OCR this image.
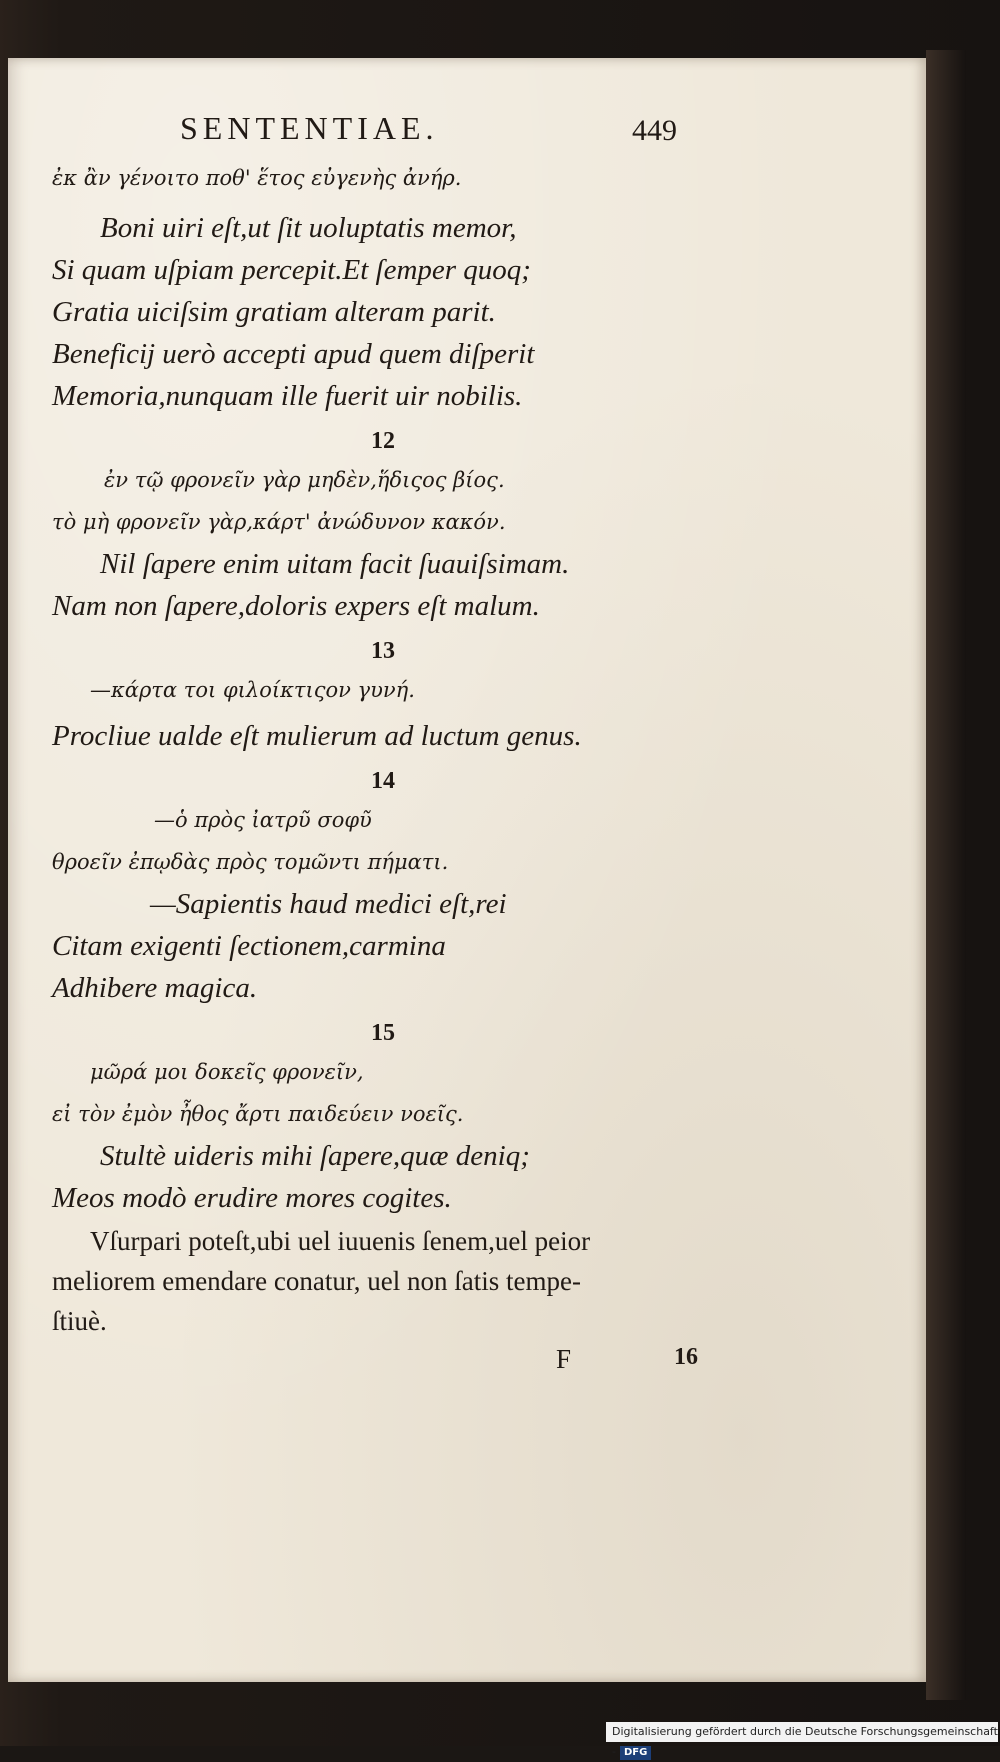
SENTENTIAE.	449
ἐκ ἂν γένοιτο ποθ' ἕτος εὐγενὴς ἀνήρ.
Boni uiri eſt,ut ſit uoluptatis memor,
Si quam uſpiam percepit.Et ſemper quoq;
Gratia uiciſsim gratiam alteram parit.
Beneficij uerò accepti apud quem diſperit
Memoria,nunquam ille fuerit uir nobilis.
12
ἐν τῷ φρονεῖν γὰρ μηδὲν,ἥδιςος βίος.
τὸ μὴ φρονεῖν γὰρ,κάρτ' ἀνώδυνον κακόν.
Nil ſapere enim uitam facit ſuauiſsimam.
Nam non ſapere,doloris expers eſt malum.
13
—κάρτα τοι φιλοίκτιςον γυνή.
Procliue ualde eſt mulierum ad luctum genus.
14
—ὁ πρὸς ἰατρῦ σοφῦ
θροεῖν ἐπῳδὰς πρὸς τομῶντι πήματι.
—Sapientis haud medici eſt,rei
Citam exigenti ſectionem,carmina
Adhibere magica.
15
μῶρά μοι δοκεῖς φρονεῖν,
εἰ τὸν ἐμὸν ἦθος ἄρτι παιδεύειν νοεῖς.
Stultè uideris mihi ſapere,quæ deniq;
Meos modò erudire mores cogites.
Vſurpari poteſt,ubi uel iuuenis ſenem,uel peior
meliorem emendare conatur, uel non ſatis tempe-
ſtiuè.
F	16
Digitalisierung gefördert durch die Deutsche Forschungsgemeinschaft - DFG
